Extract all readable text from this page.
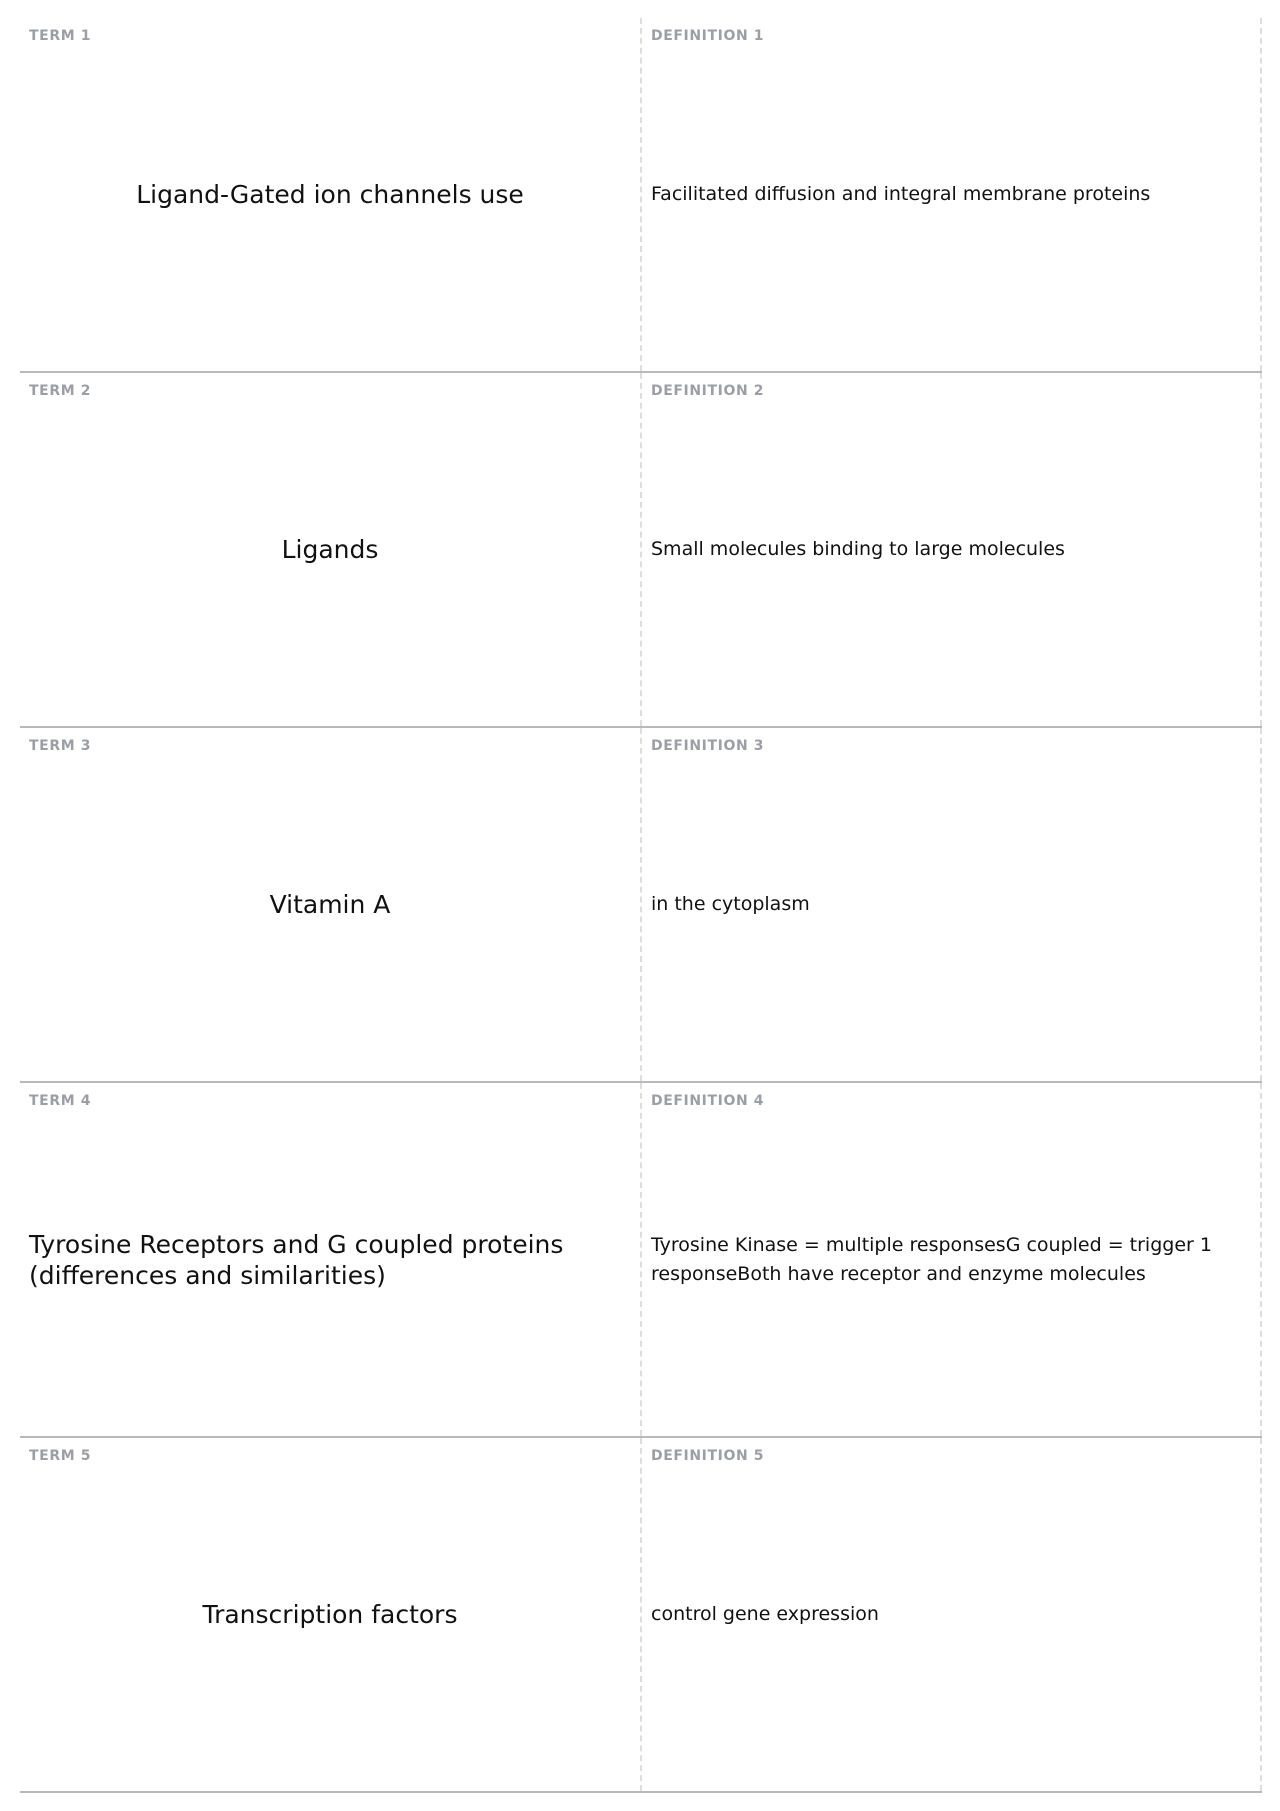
TERM 1
Ligand-Gated ion channels use
DEFINITION 1
Facilitated diffusion and integral membrane proteins
TERM 2
Ligands
DEFINITION 2
Small molecules binding to large molecules
TERM 3
Vitamin A
DEFINITION 3
in the cytoplasm
TERM 4
Tyrosine Receptors and G coupled proteins (differences and similarities)
DEFINITION 4
Tyrosine Kinase = multiple responsesG coupled = trigger 1 responseBoth have receptor and enzyme molecules
TERM 5
Transcription factors
DEFINITION 5
control gene expression
